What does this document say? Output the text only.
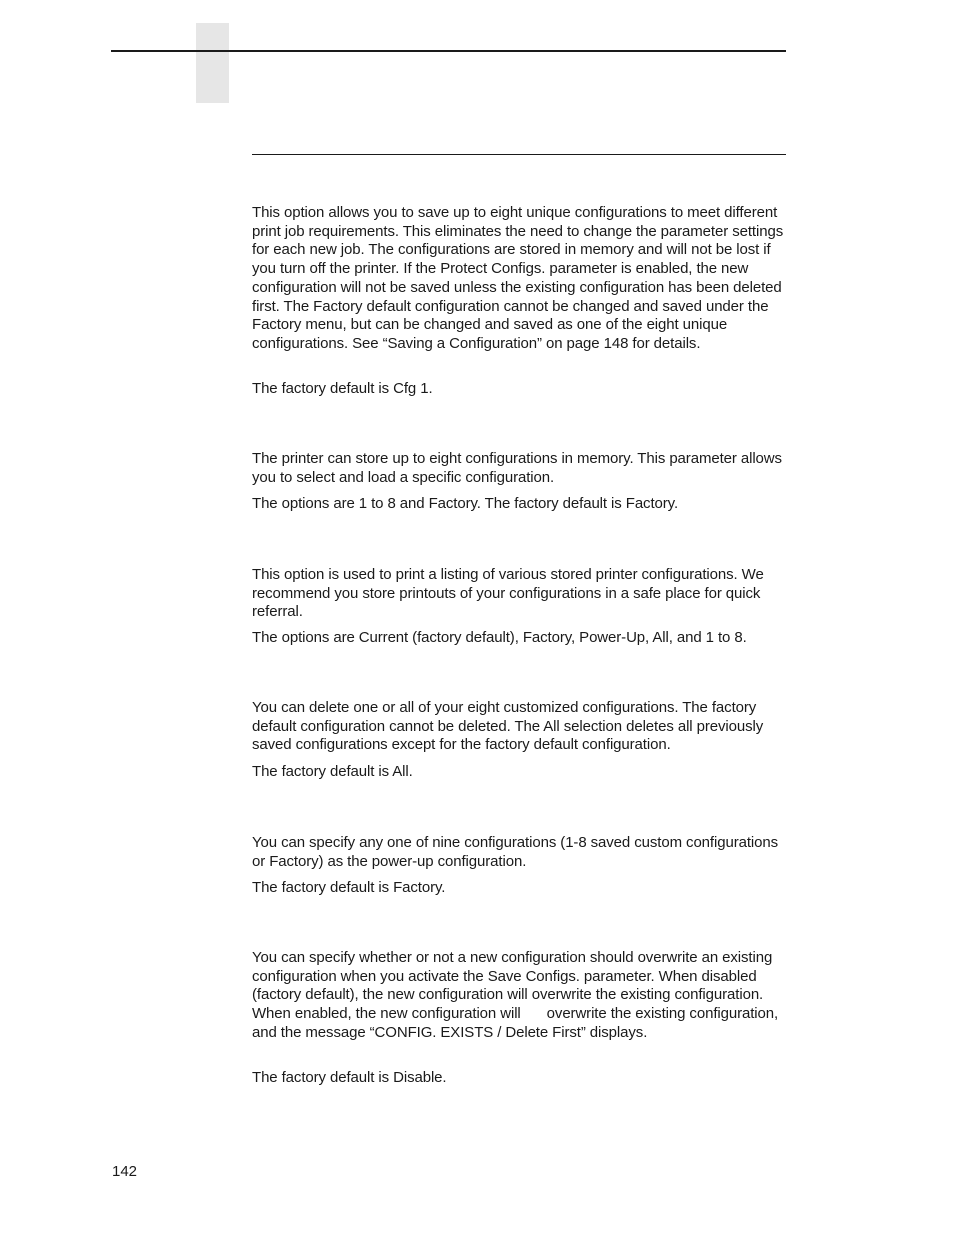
This option allows you to save up to eight unique configurations to meet different print job requirements. This eliminates the need to change the parameter settings for each new job. The configurations are stored in memory and will not be lost if you turn off the printer. If the Protect Configs. parameter is enabled, the new configuration will not be saved unless the existing configuration has been deleted first. The Factory default configuration cannot be changed and saved under the Factory menu, but can be changed and saved as one of the eight unique configurations. See “Saving a Configuration” on page 148 for details.

The factory default is Cfg 1.

The printer can store up to eight configurations in memory. This parameter allows you to select and load a specific configuration.

The options are 1 to 8 and Factory. The factory default is Factory.

This option is used to print a listing of various stored printer configurations. We recommend you store printouts of your configurations in a safe place for quick referral.

The options are Current (factory default), Factory, Power-Up, All, and 1 to 8.

You can delete one or all of your eight customized configurations. The factory default configuration cannot be deleted. The All selection deletes all previously saved configurations except for the factory default configuration.

The factory default is All.

You can specify any one of nine configurations (1-8 saved custom configurations or Factory) as the power-up configuration.

The factory default is Factory.

You can specify whether or not a new configuration should overwrite an existing configuration when you activate the Save Configs. parameter. When disabled (factory default), the new configuration will overwrite the existing configuration. When enabled, the new configuration will overwrite the existing configuration, and the message “CONFIG. EXISTS / Delete First” displays.

The factory default is Disable.

142
